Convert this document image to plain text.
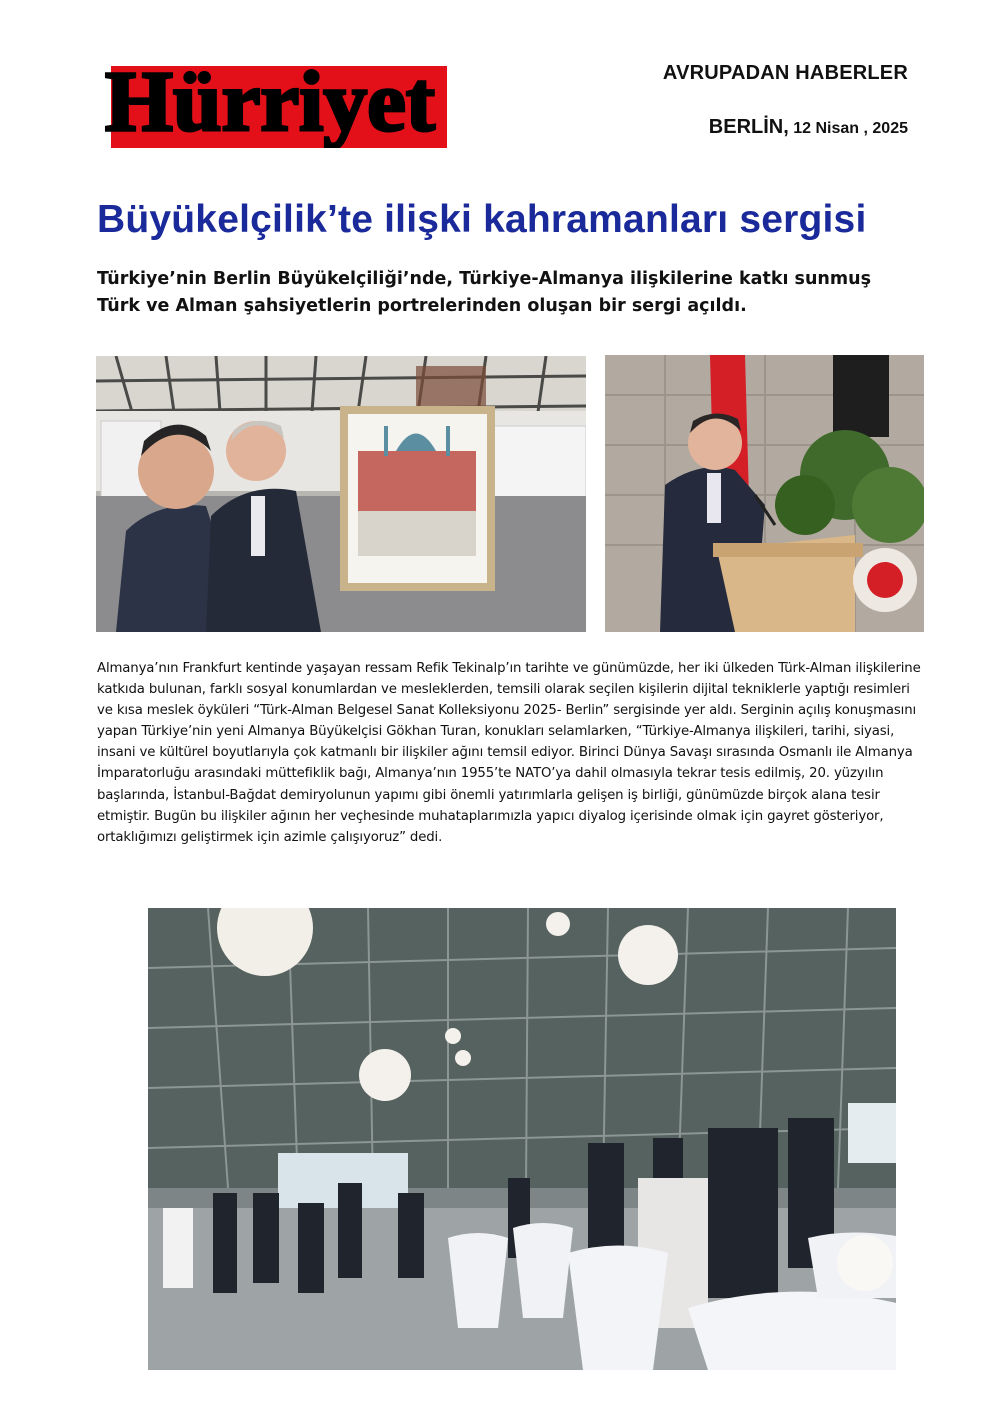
Hürriyet	AVRUPADAN HABERLER
BERLİN, 12 Nisan , 2025
Büyükelçilik’te ilişki kahramanları sergisi

Türkiye’nin Berlin Büyükelçiliği’nde, Türkiye-Almanya ilişkilerine katkı sunmuş
Türk ve Alman şahsiyetlerin portrelerinden oluşan bir sergi açıldı.

Almanya’nın Frankfurt kentinde yaşayan ressam Refik Tekinalp’ın tarihte ve günümüzde, her iki ülkeden Türk-Alman ilişkilerine katkıda bulunan, farklı sosyal konumlardan ve mesleklerden, temsili olarak seçilen kişilerin dijital tekniklerle yaptığı resimleri ve kısa meslek öyküleri “Türk-Alman Belgesel Sanat Kolleksiyonu 2025- Berlin” sergisinde yer aldı. Serginin açılış konuşmasını yapan Türkiye’nin yeni Almanya Büyükelçisi Gökhan Turan, konukları selamlarken, “Türkiye-Almanya ilişkileri, tarihi, siyasi, insani ve kültürel boyutlarıyla çok katmanlı bir ilişkiler ağını temsil ediyor. Birinci Dünya Savaşı sırasında Osmanlı ile Almanya İmparatorluğu arasındaki müttefiklik bağı, Almanya’nın 1955’te NATO’ya dahil olmasıyla tekrar tesis edilmiş, 20. yüzyılın başlarında, İstanbul-Bağdat demiryolunun yapımı gibi önemli yatırımlarla gelişen iş birliği, günümüzde birçok alana tesir etmiştir. Bugün bu ilişkiler ağının her veçhesinde muhataplarımızla yapıcı diyalog içerisinde olmak için gayret gösteriyor, ortaklığımızı geliştirmek için azimle çalışıyoruz” dedi.
